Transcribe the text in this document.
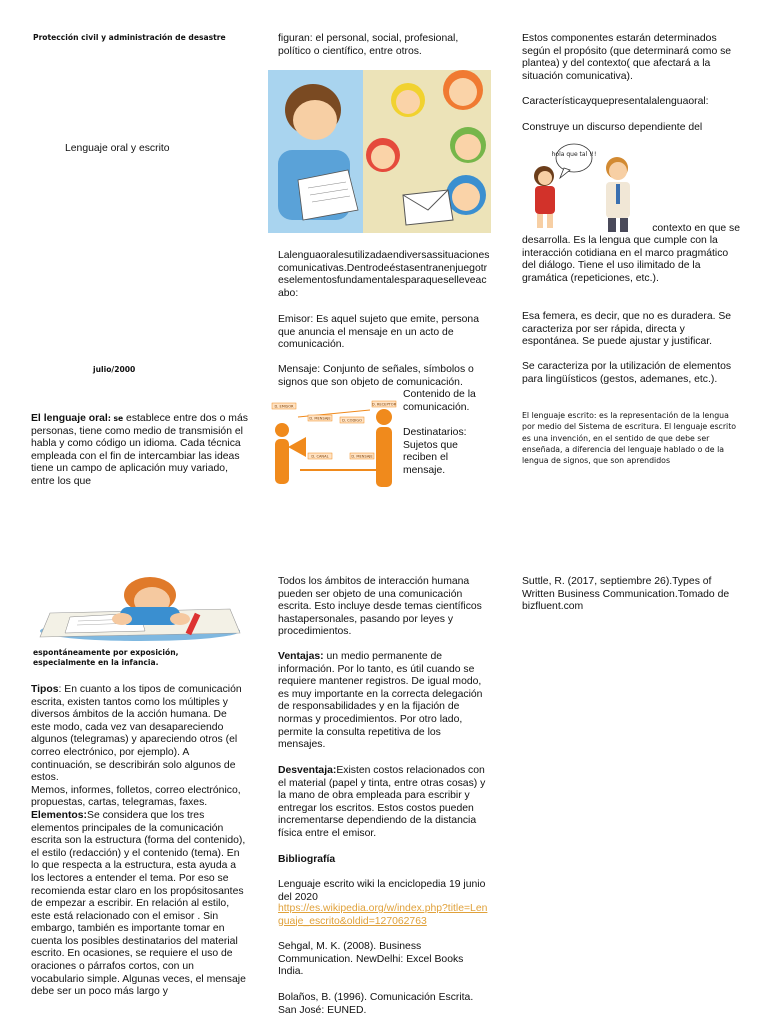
Protección civil y administración de desastre
Lenguaje oral y escrito
julio/2000
El lenguaje oral: se establece entre dos o más personas, tiene como medio de transmisión el habla y como código un idioma. Cada técnica empleada con el fin de intercambiar las ideas tiene un campo de aplicación muy variado, entre los que
espontáneamente por exposición, especialmente en la infancia.
Tipos: En cuanto a los tipos de comunicación escrita, existen tantos como los múltiples y diversos ámbitos de la acción humana. De este modo, cada vez van desapareciendo algunos (telegramas) y apareciendo otros (el correo electrónico, por ejemplo). A continuación, se describirán solo algunos de estos.
Memos, informes, folletos, correo electrónico, propuestas, cartas, telegramas, faxes.
Elementos:Se considera que los tres elementos principales de la comunicación escrita son la estructura (forma del contenido), el estilo (redacción) y el contenido (tema). En lo que respecta a la estructura, esta ayuda a los lectores a entender el tema. Por eso se recomienda estar claro en los propósitosantes de empezar a escribir. En relación al estilo, este está relacionado con el emisor . Sin embargo, también es importante tomar en cuenta los posibles destinatarios del material escrito. En ocasiones, se requiere el uso de oraciones o párrafos cortos, con un vocabulario simple. Algunas veces, el mensaje debe ser un poco más largo y
figuran: el personal, social, profesional, político o científico, entre otros.
Lalenguaoralesutilizadaendiversassituacionescomunicativas.Dentrodeéstasentranenjuegotreselementosfundamentalesparaqueselleveacabo:
Emisor: Es aquel sujeto que emite, persona que anuncia el mensaje en un acto de comunicación.
Mensaje: Conjunto de señales, símbolos o signos que son objeto de comunicación.
D. EMISOR	D. RECEPTOR
D. MENSAJE	D. CODIGO
D. CANAL	D. MENSAJE
Contenido de la comunicación.
Destinatarios: Sujetos que reciben el mensaje.
Todos los ámbitos de interacción humana pueden ser objeto de una comunicación escrita. Esto incluye desde temas científicos hastapersonales, pasando por leyes y procedimientos.
Ventajas: un medio permanente de información. Por lo tanto, es útil cuando se requiere mantener registros. De igual modo, es muy importante en la correcta delegación de responsabilidades y en la fijación de normas y procedimientos. Por otro lado, permite la consulta repetitiva de los mensajes.
Desventaja:Existen costos relacionados con el material (papel y tinta, entre otras cosas) y la mano de obra empleada para escribir y entregar los escritos. Estos costos pueden incrementarse dependiendo de la distancia física entre el emisor.
Bibliografía
Lenguaje escrito wiki la enciclopedia 19 junio del 2020
https://es.wikipedia.org/w/index.php?title=Lenguaje_escrito&oldid=127062763
Sehgal, M. K. (2008). Business Communication. NewDelhi: Excel Books India.
Bolaños, B. (1996). Comunicación Escrita. San José: EUNED.
Estos componentes estarán determinados según el propósito (que determinará como se plantea) y del contexto( que afectará a la situación comunicativa).
Característicayquepresentalalenguaoral:
Construye un discurso dependiente del
hola que tal !!!
contexto en que se
desarrolla. Es la lengua que cumple con la interacción cotidiana en el marco pragmático del diálogo. Tiene el uso ilimitado de la gramática (repeticiones, etc.).
Esa femera, es decir, que no es duradera. Se caracteriza por ser rápida, directa y espontánea. Se puede ajustar y justificar.
Se caracteriza por la utilización de elementos para lingüísticos (gestos, ademanes, etc.).
El lenguaje escrito: es la representación de la lengua por medio del Sistema de escritura. El lenguaje escrito es una invención, en el sentido de que debe ser enseñada, a diferencia del lenguaje hablado o de la lengua de signos, que son aprendidos
Suttle, R. (2017, septiembre 26).Types of Written Business Communication.Tomado de bizfluent.com
